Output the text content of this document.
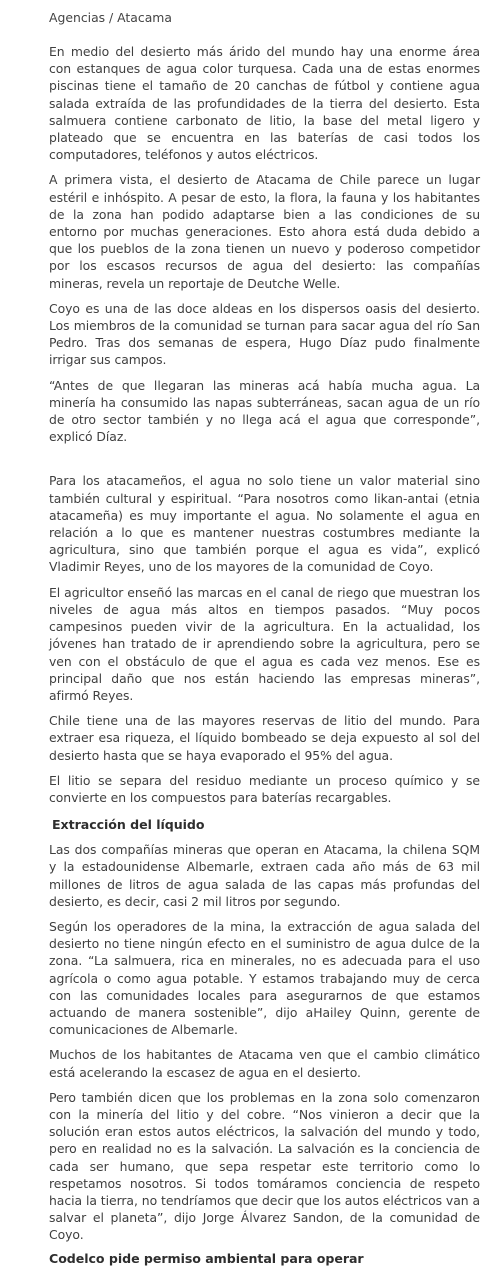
Agencias / Atacama

En medio del desierto más árido del mundo hay una enorme área con estanques de agua color turquesa. Cada una de estas enormes piscinas tiene el tamaño de 20 canchas de fútbol y contiene agua salada extraída de las profundidades de la tierra del desierto. Esta salmuera contiene carbonato de litio, la base del metal ligero y plateado que se encuentra en las baterías de casi todos los computadores, teléfonos y autos eléctricos.

A primera vista, el desierto de Atacama de Chile parece un lugar estéril e inhóspito. A pesar de esto, la flora, la fauna y los habitantes de la zona han podido adaptarse bien a las condiciones de su entorno por muchas generaciones. Esto ahora está duda debido a que los pueblos de la zona tienen un nuevo y poderoso competidor por los escasos recursos de agua del desierto: las compañías mineras, revela un reportaje de Deutche Welle.

Coyo es una de las doce aldeas en los dispersos oasis del desierto. Los miembros de la comunidad se turnan para sacar agua del río San Pedro. Tras dos semanas de espera, Hugo Díaz pudo finalmente irrigar sus campos.

“Antes de que llegaran las mineras acá había mucha agua. La minería ha consumido las napas subterráneas, sacan agua de un río de otro sector también y no llega acá el agua que corresponde”, explicó Díaz.

Para los atacameños, el agua no solo tiene un valor material sino también cultural y espiritual. “Para nosotros como likan-antai (etnia atacameña) es muy importante el agua. No solamente el agua en relación a lo que es mantener nuestras costumbres mediante la agricultura, sino que también porque el agua es vida”, explicó Vladimir Reyes, uno de los mayores de la comunidad de Coyo.

El agricultor enseñó las marcas en el canal de riego que muestran los niveles de agua más altos en tiempos pasados. “Muy pocos campesinos pueden vivir de la agricultura. En la actualidad, los jóvenes han tratado de ir aprendiendo sobre la agricultura, pero se ven con el obstáculo de que el agua es cada vez menos. Ese es principal daño que nos están haciendo las empresas mineras”, afirmó Reyes.

Chile tiene una de las mayores reservas de litio del mundo. Para extraer esa riqueza, el líquido bombeado se deja expuesto al sol del desierto hasta que se haya evaporado el 95% del agua.

El litio se separa del residuo mediante un proceso químico y se convierte en los compuestos para baterías recargables.

Extracción del líquido

Las dos compañías mineras que operan en Atacama, la chilena SQM y la estadounidense Albemarle, extraen cada año más de 63 mil millones de litros de agua salada de las capas más profundas del desierto, es decir, casi 2 mil litros por segundo.

Según los operadores de la mina, la extracción de agua salada del desierto no tiene ningún efecto en el suministro de agua dulce de la zona. “La salmuera, rica en minerales, no es adecuada para el uso agrícola o como agua potable. Y estamos trabajando muy de cerca con las comunidades locales para asegurarnos de que estamos actuando de manera sostenible”, dijo aHailey Quinn, gerente de comunicaciones de Albemarle.

Muchos de los habitantes de Atacama ven que el cambio climático está acelerando la escasez de agua en el desierto.

Pero también dicen que los problemas en la zona solo comenzaron con la minería del litio y del cobre. “Nos vinieron a decir que la solución eran estos autos eléctricos, la salvación del mundo y todo, pero en realidad no es la salvación. La salvación es la conciencia de cada ser humano, que sepa respetar este territorio como lo respetamos nosotros. Si todos tomáramos conciencia de respeto hacia la tierra, no tendríamos que decir que los autos eléctricos van a salvar el planeta”, dijo Jorge Álvarez Sandon, de la comunidad de Coyo.

Codelco pide permiso ambiental para operar
